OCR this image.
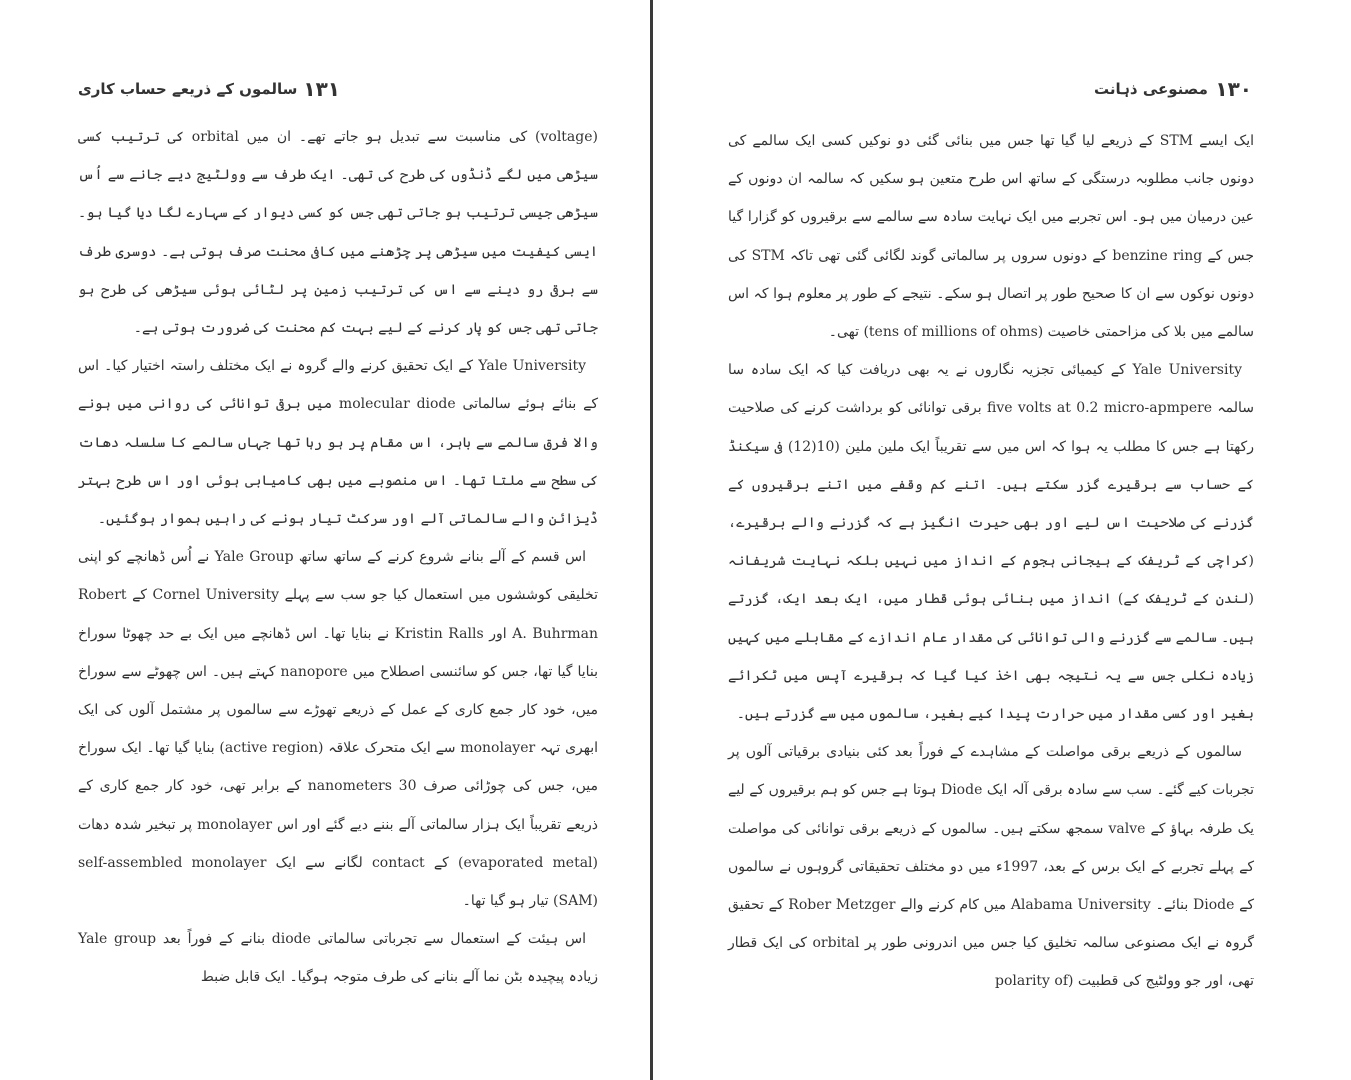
۱۳۱
سالموں کے ذریعے حساب کاری

(voltage) کی مناسبت سے تبدیل ہو جاتے تھے۔ ان میں orbital کی ترتیب کسی سیڑھی میں لگے ڈنڈوں کی طرح کی تھی۔ ایک طرف سے وولٹیج دیے جانے سے اُس سیڑھی جیسی ترتیب ہو جاتی تھی جس کو کسی دیوار کے سہارے لگا دیا گیا ہو۔ ایسی کیفیت میں سیڑھی پر چڑھنے میں کافی محنت صرف ہوتی ہے۔ دوسری طرف سے برقی رو دینے سے اس کی ترتیب زمین پر لٹائی ہوئی سیڑھی کی طرح ہو جاتی تھی جس کو پار کرنے کے لیے بہت کم محنت کی ضرورت ہوتی ہے۔

Yale University کے ایک تحقیق کرنے والے گروہ نے ایک مختلف راستہ اختیار کیا۔ اس کے بنائے ہوئے سالماتی molecular diode میں برقی توانائی کی روانی میں ہونے والا فرق سالمے سے باہر، اس مقام پر ہو رہا تھا جہاں سالمے کا سلسلہ دھات کی سطح سے ملتا تھا۔ اس منصوبے میں بھی کامیابی ہوئی اور اس طرح بہتر ڈیزائن والے سالماتی آلے اور سرکٹ تیار ہونے کی راہیں ہموار ہوگئیں۔

اس قسم کے آلے بنانے شروع کرنے کے ساتھ ساتھ Yale Group نے اُس ڈھانچے کو اپنی تخلیقی کوششوں میں استعمال کیا جو سب سے پہلے Cornel University کے Robert A. Buhrman اور Kristin Ralls نے بنایا تھا۔ اس ڈھانچے میں ایک بے حد چھوٹا سوراخ بنایا گیا تھا، جس کو سائنسی اصطلاح میں nanopore کہتے ہیں۔ اس چھوٹے سے سوراخ میں، خود کار جمع کاری کے عمل کے ذریعے تھوڑے سے سالموں پر مشتمل آلوں کی ایک ابھری تہہ monolayer سے ایک متحرک علاقہ (active region) بنایا گیا تھا۔ ایک سوراخ میں، جس کی چوڑائی صرف 30 nanometers کے برابر تھی، خود کار جمع کاری کے ذریعے تقریباً ایک ہزار سالماتی آلے بننے دیے گئے اور اس monolayer پر تبخیر شدہ دھات (evaporated metal) کے contact لگانے سے ایک self-assembled monolayer (SAM) تیار ہو گیا تھا۔

اس ہیئت کے استعمال سے تجرباتی سالماتی diode بنانے کے فوراً بعد Yale group زیادہ پیچیدہ بٹن نما آلے بنانے کی طرف متوجہ ہوگیا۔ ایک قابل ضبط

۱۳۰
مصنوعی ذہانت

ایک ایسے STM کے ذریعے لیا گیا تھا جس میں بنائی گئی دو نوکیں کسی ایک سالمے کی دونوں جانب مطلوبہ درستگی کے ساتھ اس طرح متعین ہو سکیں کہ سالمہ ان دونوں کے عین درمیان میں ہو۔ اس تجربے میں ایک نہایت سادہ سے سالمے سے برقیروں کو گزارا گیا جس کے benzine ring کے دونوں سروں پر سالماتی گوند لگائی گئی تھی تاکہ STM کی دونوں نوکوں سے ان کا صحیح طور پر اتصال ہو سکے۔ نتیجے کے طور پر معلوم ہوا کہ اس سالمے میں بلا کی مزاحمتی خاصیت (tens of millions of ohms) تھی۔

Yale University کے کیمیائی تجزیہ نگاروں نے یہ بھی دریافت کیا کہ ایک سادہ سا سالمہ five volts at 0.2 micro-apmpere برقی توانائی کو برداشت کرنے کی صلاحیت رکھتا ہے جس کا مطلب یہ ہوا کہ اس میں سے تقریباً ایک ملین ملین (10(12) فی سیکنڈ کے حساب سے برقیرے گزر سکتے ہیں۔ اتنے کم وقفے میں اتنے برقیروں کے گزرنے کی صلاحیت اس لیے اور بھی حیرت انگیز ہے کہ گزرنے والے برقیرے، (کراچی کے ٹریفک کے ہیجانی ہجوم کے انداز میں نہیں بلکہ نہایت شریفانہ (لندن کے ٹریفک کے) انداز میں بنائی ہوئی قطار میں، ایک بعد ایک، گزرتے ہیں۔ سالمے سے گزرنے والی توانائی کی مقدار عام اندازے کے مقابلے میں کہیں زیادہ نکلی جس سے یہ نتیجہ بھی اخذ کیا گیا کہ برقیرے آپس میں ٹکرائے بغیر اور کسی مقدار میں حرارت پیدا کیے بغیر، سالموں میں سے گزرتے ہیں۔

سالموں کے ذریعے برقی مواصلت کے مشاہدے کے فوراً بعد کئی بنیادی برقیاتی آلوں پر تجربات کیے گئے۔ سب سے سادہ برقی آلہ ایک Diode ہوتا ہے جس کو ہم برقیروں کے لیے یک طرفہ بہاؤ کے valve سمجھ سکتے ہیں۔ سالموں کے ذریعے برقی توانائی کی مواصلت کے پہلے تجربے کے ایک برس کے بعد، 1997ء میں دو مختلف تحقیقاتی گروہوں نے سالموں کے Diode بنائے۔ Alabama University میں کام کرنے والے Rober Metzger کے تحقیق گروہ نے ایک مصنوعی سالمہ تخلیق کیا جس میں اندرونی طور پر orbital کی ایک قطار تھی، اور جو وولٹیج کی قطبیت (polarity of
